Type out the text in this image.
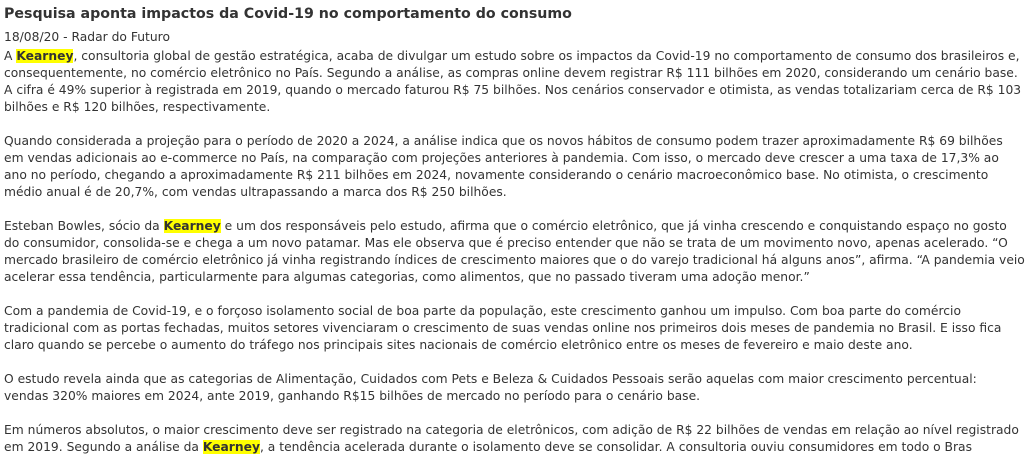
Pesquisa aponta impactos da Covid-19 no comportamento do consumo
18/08/20 - Radar do Futuro

A Kearney, consultoria global de gestão estratégica, acaba de divulgar um estudo sobre os impactos da Covid-19 no comportamento de consumo dos brasileiros e, consequentemente, no comércio eletrônico no País. Segundo a análise, as compras online devem registrar R$ 111 bilhões em 2020, considerando um cenário base. A cifra é 49% superior à registrada em 2019, quando o mercado faturou R$ 75 bilhões. Nos cenários conservador e otimista, as vendas totalizariam cerca de R$ 103 bilhões e R$ 120 bilhões, respectivamente.

Quando considerada a projeção para o período de 2020 a 2024, a análise indica que os novos hábitos de consumo podem trazer aproximadamente R$ 69 bilhões em vendas adicionais ao e-commerce no País, na comparação com projeções anteriores à pandemia. Com isso, o mercado deve crescer a uma taxa de 17,3% ao ano no período, chegando a aproximadamente R$ 211 bilhões em 2024, novamente considerando o cenário macroeconômico base. No otimista, o crescimento médio anual é de 20,7%, com vendas ultrapassando a marca dos R$ 250 bilhões.

Esteban Bowles, sócio da Kearney e um dos responsáveis pelo estudo, afirma que o comércio eletrônico, que já vinha crescendo e conquistando espaço no gosto do consumidor, consolida-se e chega a um novo patamar. Mas ele observa que é preciso entender que não se trata de um movimento novo, apenas acelerado. “O mercado brasileiro de comércio eletrônico já vinha registrando índices de crescimento maiores que o do varejo tradicional há alguns anos”, afirma. “A pandemia veio acelerar essa tendência, particularmente para algumas categorias, como alimentos, que no passado tiveram uma adoção menor.”

Com a pandemia de Covid-19, e o forçoso isolamento social de boa parte da população, este crescimento ganhou um impulso. Com boa parte do comércio tradicional com as portas fechadas, muitos setores vivenciaram o crescimento de suas vendas online nos primeiros dois meses de pandemia no Brasil. E isso fica claro quando se percebe o aumento do tráfego nos principais sites nacionais de comércio eletrônico entre os meses de fevereiro e maio deste ano.

O estudo revela ainda que as categorias de Alimentação, Cuidados com Pets e Beleza & Cuidados Pessoais serão aquelas com maior crescimento percentual: vendas 320% maiores em 2024, ante 2019, ganhando R$15 bilhões de mercado no período para o cenário base.

Em números absolutos, o maior crescimento deve ser registrado na categoria de eletrônicos, com adição de R$ 22 bilhões de vendas em relação ao nível registrado em 2019. Segundo a análise da Kearney, a tendência acelerada durante o isolamento deve se consolidar. A consultoria ouviu consumidores em todo o Bras
